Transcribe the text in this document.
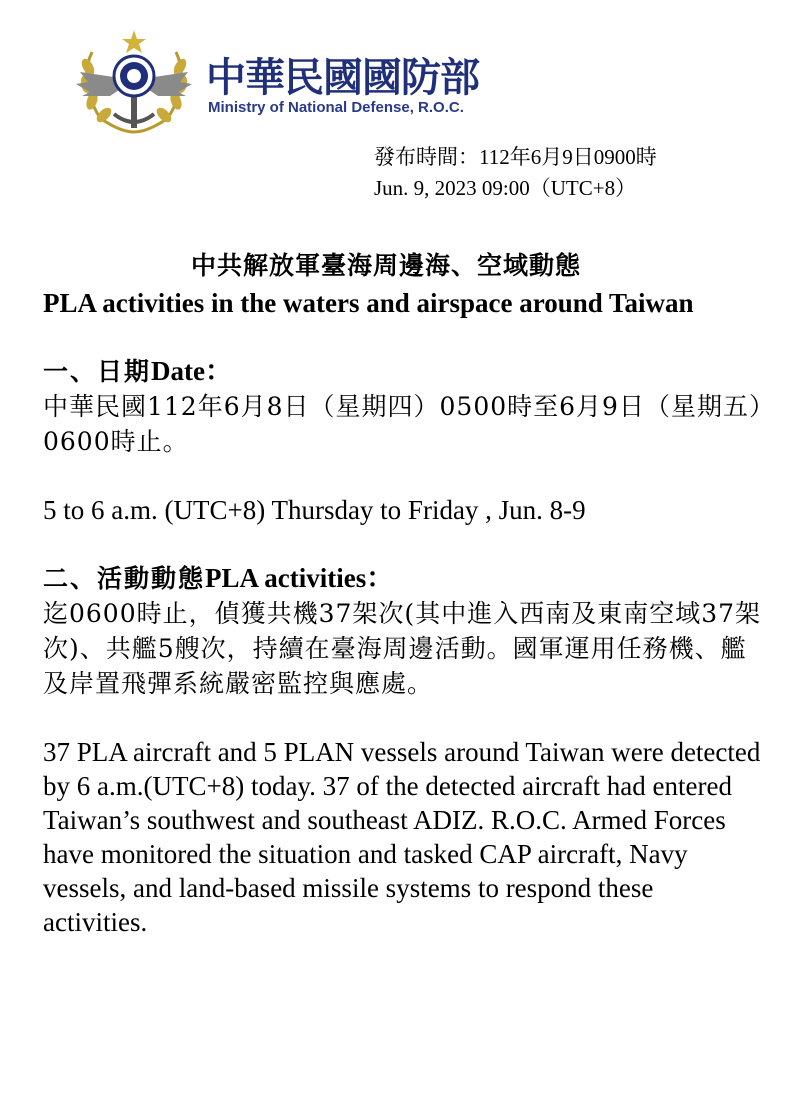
中華民國國防部
Ministry of National Defense, R.O.C.
發布時間：112年6月9日0900時
Jun. 9, 2023 09:00（UTC+8）
中共解放軍臺海周邊海、空域動態
PLA activities in the waters and airspace around Taiwan
一、日期Date：
中華民國112年6月8日（星期四）0500時至6月9日（星期五）0600時止。
5 to 6 a.m. (UTC+8) Thursday to Friday , Jun. 8-9
二、活動動態PLA activities：
迄0600時止，偵獲共機37架次(其中進入西南及東南空域37架次)、共艦5艘次，持續在臺海周邊活動。國軍運用任務機、艦及岸置飛彈系統嚴密監控與應處。
37 PLA aircraft and 5 PLAN vessels around Taiwan were detected by 6 a.m.(UTC+8) today. 37 of the detected aircraft had entered Taiwan’s southwest and southeast ADIZ. R.O.C. Armed Forces have monitored the situation and tasked CAP aircraft, Navy vessels, and land-based missile systems to respond these activities.
